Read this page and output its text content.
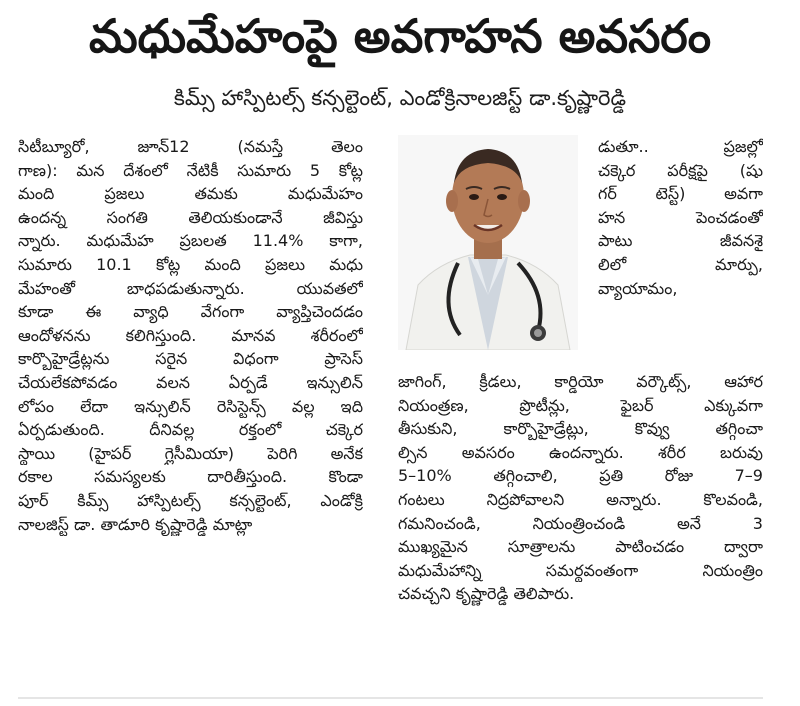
మధుమేహంపై అవగాహన అవసరం
కిమ్స్ హాస్పిటల్స్ కన్సల్టెంట్, ఎండోక్రినాలజిస్ట్ డా.కృష్ణారెడ్డి
సిటీబ్యూరో, జూన్12 (నమస్తే తెలం
గాణ): మన దేశంలో నేటికీ సుమారు 5 కోట్ల
మంది ప్రజలు తమకు మధుమేహం
ఉందన్న సంగతి తెలియకుండానే జీవిస్తు
న్నారు. మధుమేహ ప్రబలత 11.4% కాగా,
సుమారు 10.1 కోట్ల మంది ప్రజలు మధు
మేహంతో బాధపడుతున్నారు. యువతలో
కూడా ఈ వ్యాధి వేగంగా వ్యాప్తిచెందడం
ఆందోళనను కలిగిస్తుంది. మానవ శరీరంలో
కార్బొహైడ్రేట్లను సరైన విధంగా ప్రాసెస్
చేయలేకపోవడం వలన ఏర్పడే ఇన్సులిన్
లోపం లేదా ఇన్సులిన్ రెసిస్టెన్స్ వల్ల ఇది
ఏర్పడుతుంది. దీనివల్ల రక్తంలో చక్కెర
స్థాయి (హైపర్ గ్లైసీమియా) పెరిగి అనేక
రకాల సమస్యలకు దారితీస్తుంది. కొండా
పూర్ కిమ్స్ హాస్పిటల్స్ కన్సల్టెంట్, ఎండోక్రి
నాలజిస్ట్ డా. తాడూరి కృష్ణారెడ్డి మాట్లా
డుతూ.. ప్రజల్లో
చక్కెర పరీక్షపై (షు
గర్ టెస్ట్) అవగా
హన పెంచడంతో
పాటు జీవనశై
లిలో మార్పు,
వ్యాయామం,
జాగింగ్, క్రీడలు, కార్డియో వర్కౌట్స్, ఆహార
నియంత్రణ, ప్రొటీన్లు, ఫైబర్ ఎక్కువగా
తీసుకుని, కార్బొహైడ్రేట్లు, కొవ్వు తగ్గించా
ల్సిన అవసరం ఉందన్నారు. శరీర బరువు
5–10% తగ్గించాలి, ప్రతి రోజు 7–9
గంటలు నిద్రపోవాలని అన్నారు. కొలవండి,
గమనించండి, నియంత్రించండి అనే 3
ముఖ్యమైన సూత్రాలను పాటించడం ద్వారా
మధుమేహాన్ని సమర్థవంతంగా నియంత్రిం
చవచ్చని కృష్ణారెడ్డి తెలిపారు.
